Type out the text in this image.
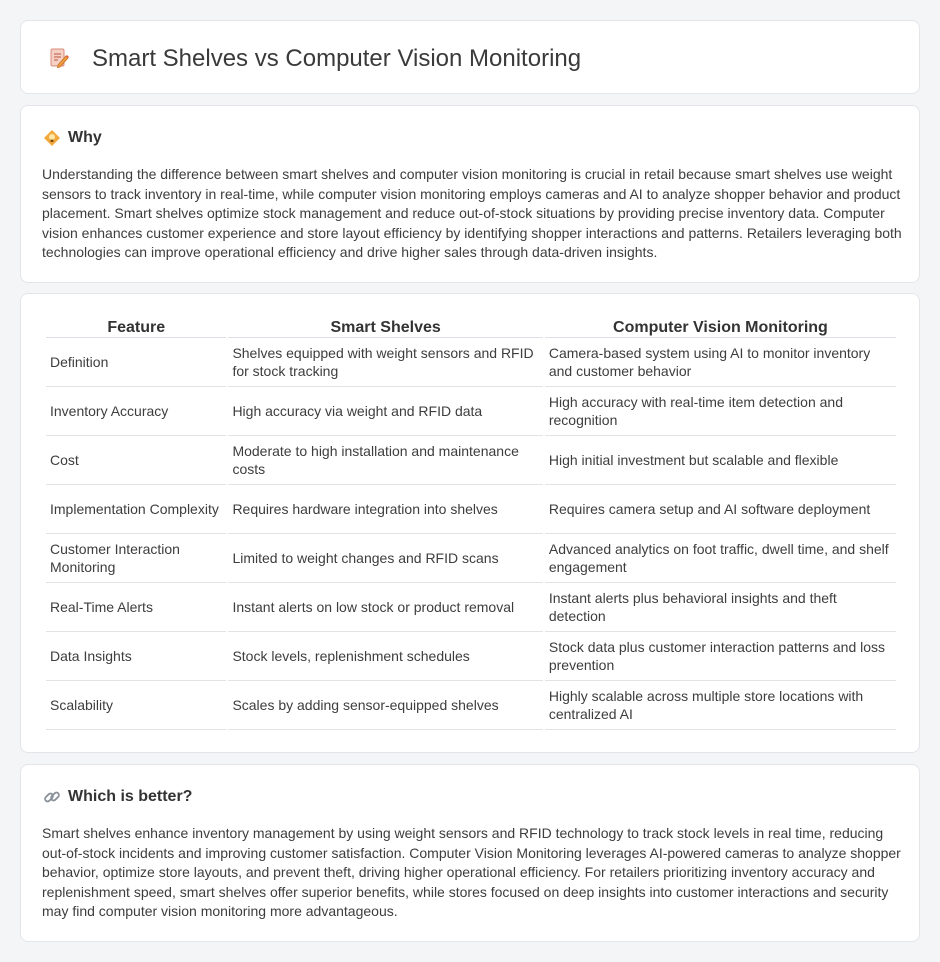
Smart Shelves vs Computer Vision Monitoring
Why

Understanding the difference between smart shelves and computer vision monitoring is crucial in retail because smart shelves use weight sensors to track inventory in real-time, while computer vision monitoring employs cameras and AI to analyze shopper behavior and product placement. Smart shelves optimize stock management and reduce out-of-stock situations by providing precise inventory data. Computer vision enhances customer experience and store layout efficiency by identifying shopper interactions and patterns. Retailers leveraging both technologies can improve operational efficiency and drive higher sales through data-driven insights.

Feature	Smart Shelves	Computer Vision Monitoring
Definition	Shelves equipped with weight sensors and RFID for stock tracking	Camera-based system using AI to monitor inventory and customer behavior
Inventory Accuracy	High accuracy via weight and RFID data	High accuracy with real-time item detection and recognition
Cost	Moderate to high installation and maintenance costs	High initial investment but scalable and flexible
Implementation Complexity	Requires hardware integration into shelves	Requires camera setup and AI software deployment
Customer Interaction Monitoring	Limited to weight changes and RFID scans	Advanced analytics on foot traffic, dwell time, and shelf engagement
Real-Time Alerts	Instant alerts on low stock or product removal	Instant alerts plus behavioral insights and theft detection
Data Insights	Stock levels, replenishment schedules	Stock data plus customer interaction patterns and loss prevention
Scalability	Scales by adding sensor-equipped shelves	Highly scalable across multiple store locations with centralized AI
Which is better?

Smart shelves enhance inventory management by using weight sensors and RFID technology to track stock levels in real time, reducing out-of-stock incidents and improving customer satisfaction. Computer Vision Monitoring leverages AI-powered cameras to analyze shopper behavior, optimize store layouts, and prevent theft, driving higher operational efficiency. For retailers prioritizing inventory accuracy and replenishment speed, smart shelves offer superior benefits, while stores focused on deep insights into customer interactions and security may find computer vision monitoring more advantageous.
